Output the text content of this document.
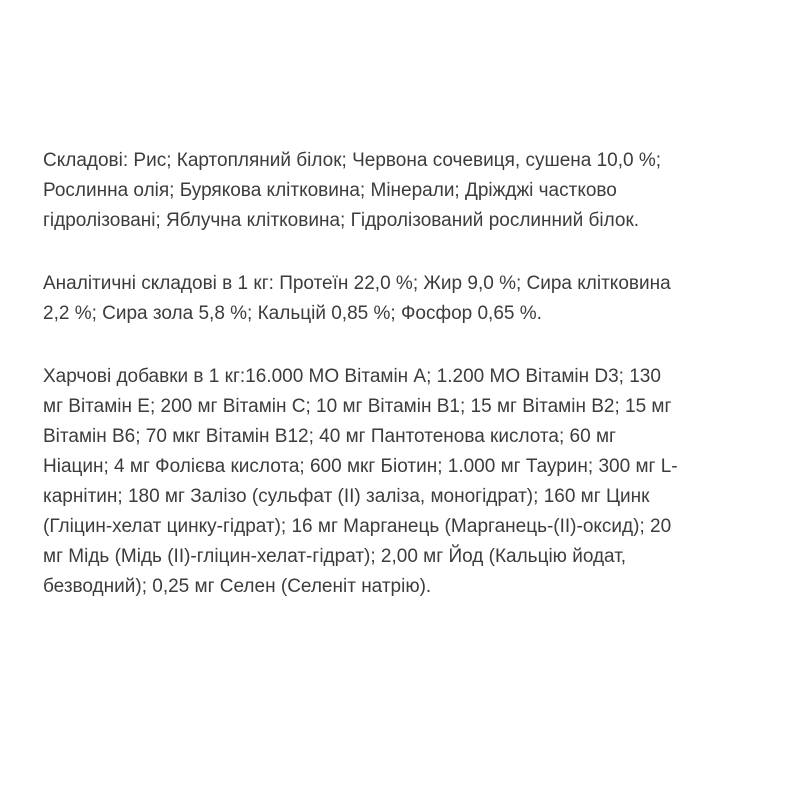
Складові: Рис; Картопляний білок; Червона сочевиця, сушена 10,0 %;
Рослинна олія; Бурякова клітковина; Мінерали; Дріжджі частково
гідролізовані; Яблучна клітковина; Гідролізований рослинний білок.

Аналітичні складові в 1 кг: Протеїн 22,0 %; Жир 9,0 %; Сира клітковина
2,2 %; Сира зола 5,8 %; Кальцій 0,85 %; Фосфор 0,65 %.

Харчові добавки в 1 кг:16.000 МО Вітамін А; 1.200 МО Вітамін D3; 130
мг Вітамін Е; 200 мг Вітамін С; 10 мг Вітамін В1; 15 мг Вітамін В2; 15 мг
Вітамін В6; 70 мкг Вітамін В12; 40 мг Пантотенова кислота; 60 мг
Ніацин; 4 мг Фолієва кислота; 600 мкг Біотин; 1.000 мг Таурин; 300 мг L-
карнітин; 180 мг Залізо (сульфат (II) заліза, моногідрат); 160 мг Цинк
(Гліцин-хелат цинку-гідрат); 16 мг Марганець (Марганець-(II)-оксид); 20
мг Мідь (Мідь (II)-гліцин-хелат-гідрат); 2,00 мг Йод (Кальцію йодат,
безводний); 0,25 мг Селен (Селеніт натрію).
